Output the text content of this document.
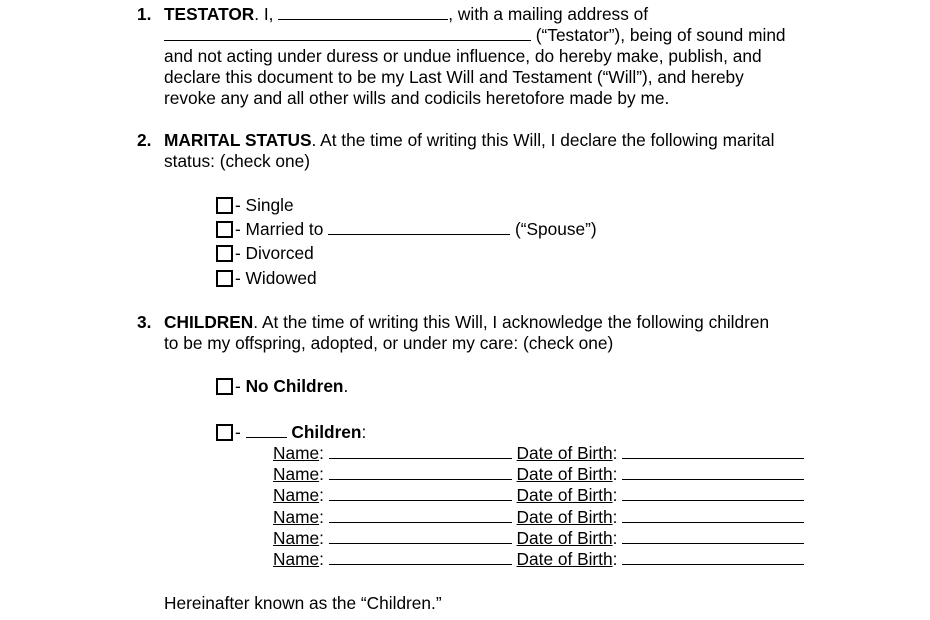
1. TESTATOR. I,	, with a mailing address of
(“Testator”), being of sound mind
and not acting under duress or undue influence, do hereby make, publish, and
declare this document to be my Last Will and Testament (“Will”), and hereby
revoke any and all other wills and codicils heretofore made by me.
2. MARITAL STATUS. At the time of writing this Will, I declare the following marital
status: (check one)
- Single
- Married to	(“Spouse”)
- Divorced
- Widowed
3. CHILDREN. At the time of writing this Will, I acknowledge the following children
to be my offspring, adopted, or under my care: (check one)
- No Children.
-	Children:
Name:	Date of Birth:
Name:	Date of Birth:
Name:	Date of Birth:
Name:	Date of Birth:
Name:	Date of Birth:
Name:	Date of Birth:
Hereinafter known as the “Children.”
